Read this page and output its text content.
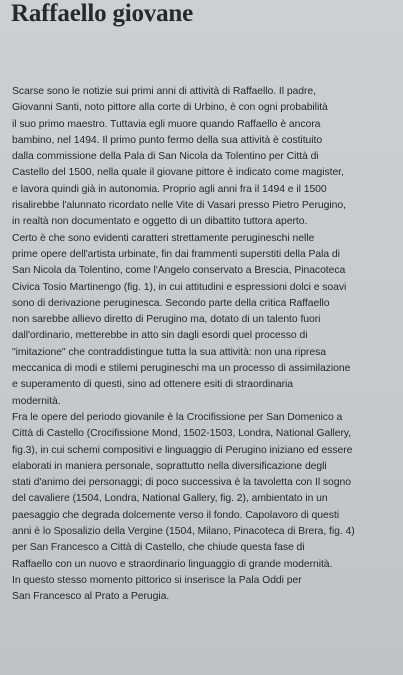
Raffaello giovane
Scarse sono le notizie sui primi anni di attività di Raffaello. Il padre,
Giovanni Santi, noto pittore alla corte di Urbino, è con ogni probabilità
il suo primo maestro. Tuttavia egli muore quando Raffaello è ancora
bambino, nel 1494. Il primo punto fermo della sua attività è costituito
dalla commissione della Pala di San Nicola da Tolentino per Città di
Castello del 1500, nella quale il giovane pittore è indicato come magister,
e lavora quindi già in autonomia. Proprio agli anni fra il 1494 e il 1500
risalirebbe l'alunnato ricordato nelle Vite di Vasari presso Pietro Perugino,
in realtà non documentato e oggetto di un dibattito tuttora aperto.
Certo è che sono evidenti caratteri strettamente perugineschi nelle
prime opere dell'artista urbinate, fin dai frammenti superstiti della Pala di
San Nicola da Tolentino, come l'Angelo conservato a Brescia, Pinacoteca
Civica Tosio Martinengo (fig. 1), in cui attitudini e espressioni dolci e soavi
sono di derivazione peruginesca. Secondo parte della critica Raffaello
non sarebbe allievo diretto di Perugino ma, dotato di un talento fuori
dall'ordinario, metterebbe in atto sin dagli esordi quel processo di
"imitazione" che contraddistingue tutta la sua attività: non una ripresa
meccanica di modi e stilemi perugineschi ma un processo di assimilazione
e superamento di questi, sino ad ottenere esiti di straordinaria
modernità.
Fra le opere del periodo giovanile è la Crocifissione per San Domenico a
Città di Castello (Crocifissione Mond, 1502-1503, Londra, National Gallery,
fig.3), in cui schemi compositivi e linguaggio di Perugino iniziano ed essere
elaborati in maniera personale, soprattutto nella diversificazione degli
stati d'animo dei personaggi; di poco successiva è la tavoletta con Il sogno
del cavaliere (1504, Londra, National Gallery, fig. 2), ambientato in un
paesaggio che degrada dolcemente verso il fondo. Capolavoro di questi
anni è lo Sposalizio della Vergine (1504, Milano, Pinacoteca di Brera, fig. 4)
per San Francesco a Città di Castello, che chiude questa fase di
Raffaello con un nuovo e straordinario linguaggio di grande modernità.
In questo stesso momento pittorico si inserisce la Pala Oddi per
San Francesco al Prato a Perugia.
